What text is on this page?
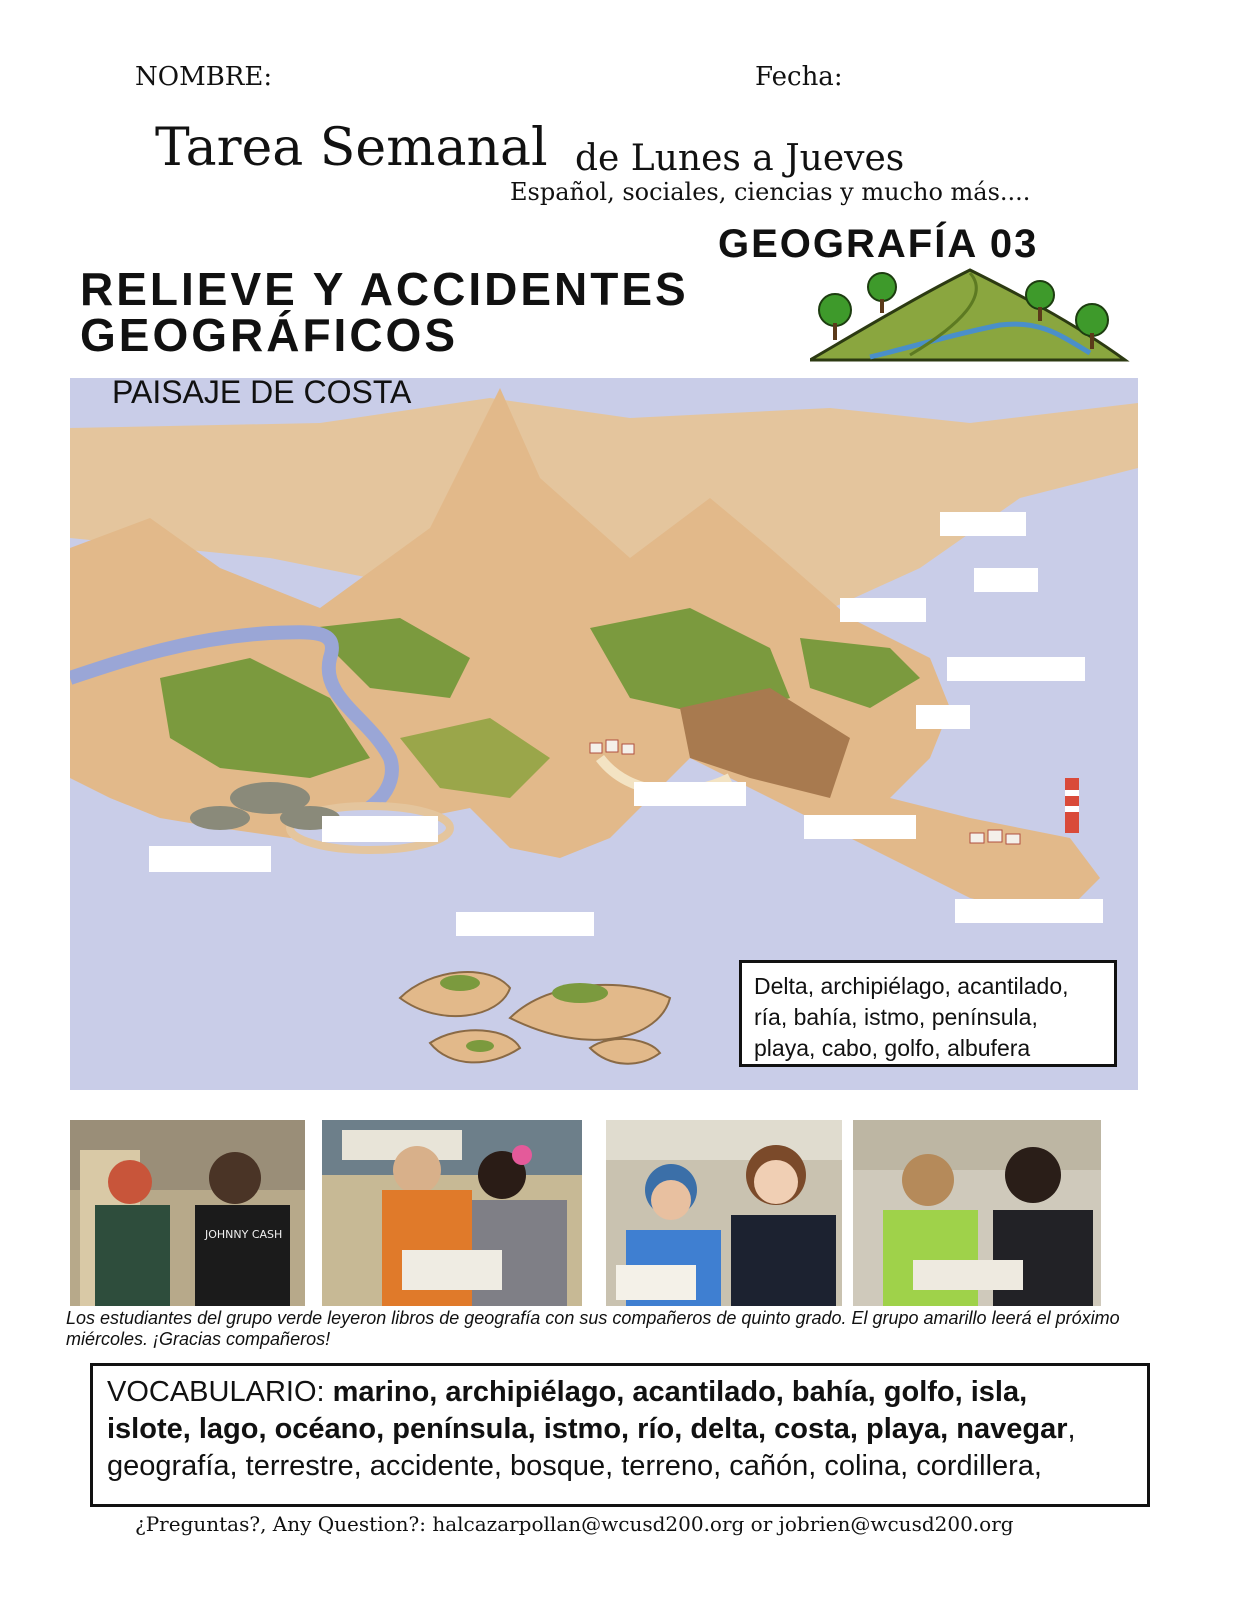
NOMBRE:	Fecha:
Tarea Semanal de Lunes a Jueves
Español, sociales, ciencias y mucho más....
GEOGRAFÍA 03
RELIEVE Y ACCIDENTES
GEOGRÁFICOS
PAISAJE DE COSTA
Delta, archipiélago, acantilado,
ría, bahía, istmo, península,
playa, cabo, golfo, albufera
JOHNNY CASH
Los estudiantes del grupo verde leyeron libros de geografía con sus compañeros de quinto grado. El grupo amarillo leerá el próximo miércoles. ¡Gracias compañeros!
VOCABULARIO: marino, archipiélago, acantilado, bahía, golfo, isla,
islote, lago, océano, península, istmo, río, delta, costa, playa, navegar,
geografía, terrestre, accidente, bosque, terreno, cañón, colina, cordillera,
¿Preguntas?, Any Question?: halcazarpollan@wcusd200.org or jobrien@wcusd200.org
